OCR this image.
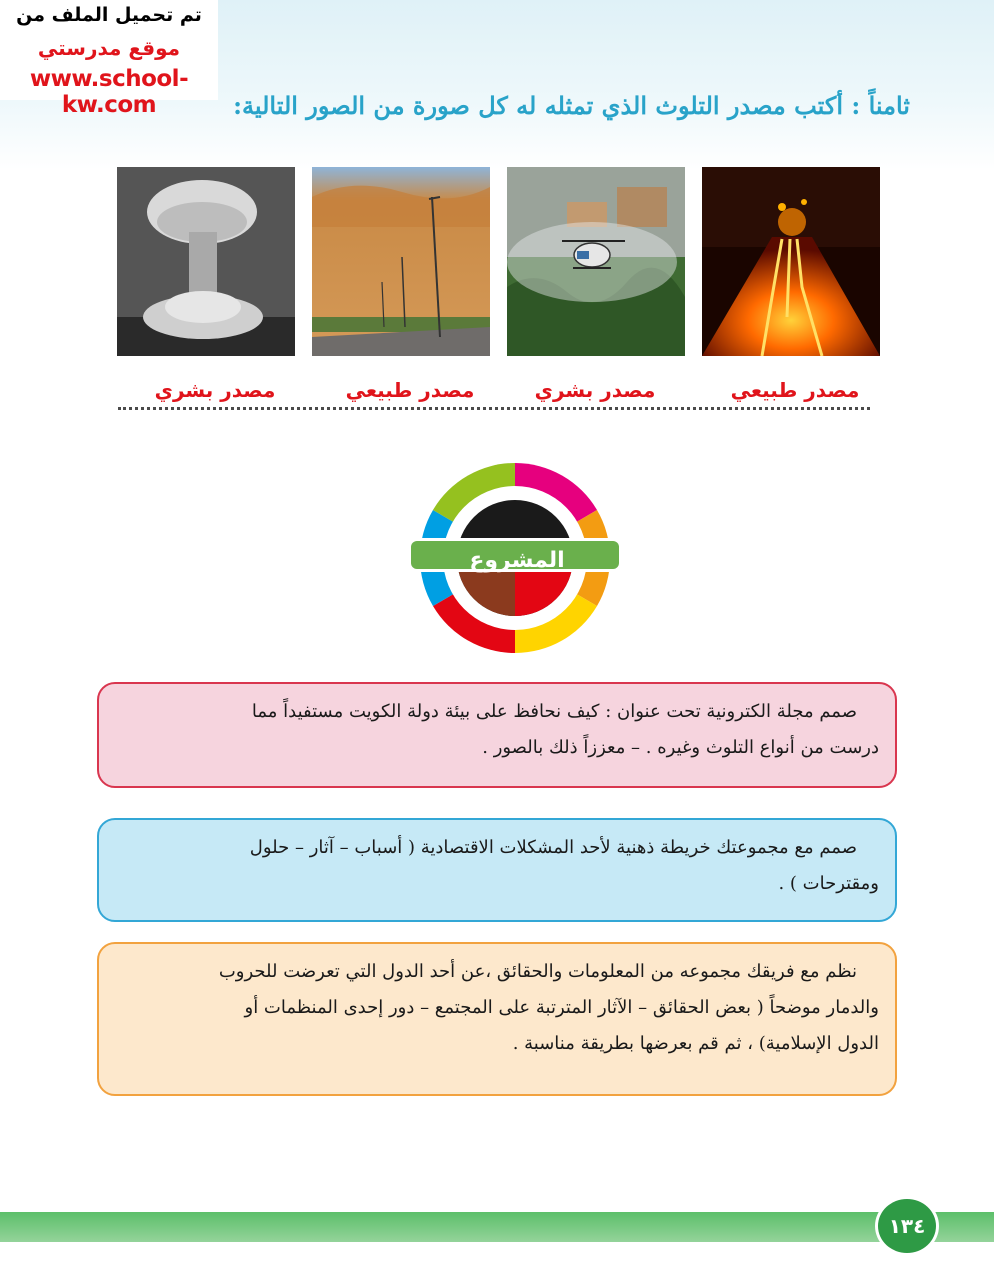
تم تحميل الملف من
موقع مدرستي
www.school-kw.com	ثامناً : أكتب مصدر التلوث الذي تمثله له كل صورة من الصور التالية:
مصدر طبيعي
مصدر بشري
مصدر طبيعي
مصدر بشري
المشروع

صمم مجلة الكترونية تحت عنوان : كيف نحافظ على بيئة دولة الكويت مستفيداً مما

درست من أنواع التلوث وغيره . – معززاً ذلك بالصور .

صمم مع مجموعتك خريطة ذهنية لأحد المشكلات الاقتصادية ( أسباب – آثار – حلول

ومقترحات ) .

نظم مع فريقك مجموعه من المعلومات والحقائق ،عن أحد الدول التي تعرضت للحروب

والدمار موضحاً ( بعض الحقائق – الآثار المترتبة على المجتمع – دور إحدى المنظمات أو

الدول الإسلامية) ، ثم قم بعرضها بطريقة مناسبة .

١٣٤
